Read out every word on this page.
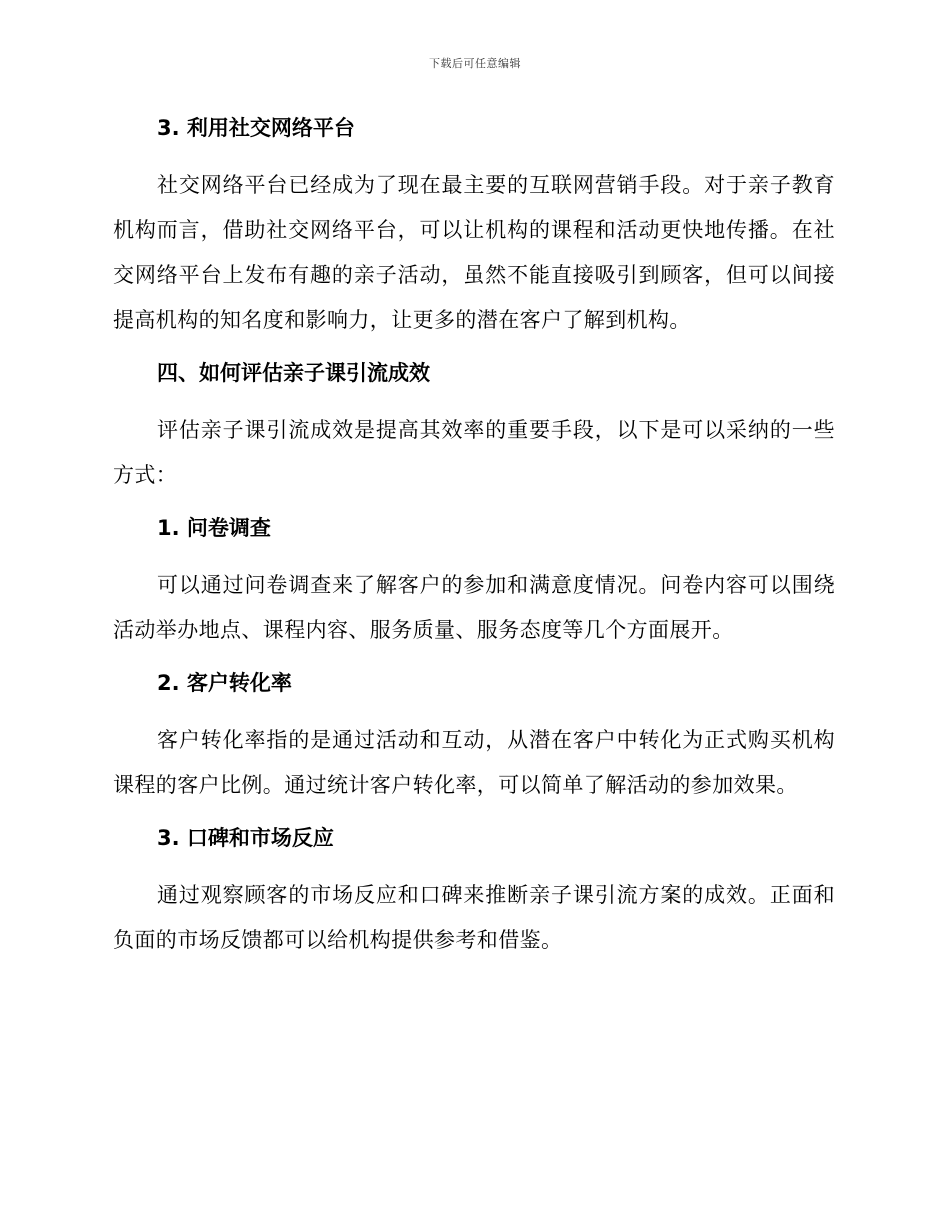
下载后可任意编辑
3. 利用社交网络平台

社交网络平台已经成为了现在最主要的互联网营销手段。对于亲子教育机构而言，借助社交网络平台，可以让机构的课程和活动更快地传播。在社交网络平台上发布有趣的亲子活动，虽然不能直接吸引到顾客，但可以间接提高机构的知名度和影响力，让更多的潜在客户了解到机构。

四、如何评估亲子课引流成效

评估亲子课引流成效是提高其效率的重要手段，以下是可以采纳的一些方式：

1. 问卷调查

可以通过问卷调查来了解客户的参加和满意度情况。问卷内容可以围绕活动举办地点、课程内容、服务质量、服务态度等几个方面展开。

2. 客户转化率

客户转化率指的是通过活动和互动，从潜在客户中转化为正式购买机构课程的客户比例。通过统计客户转化率，可以简单了解活动的参加效果。

3. 口碑和市场反应

通过观察顾客的市场反应和口碑来推断亲子课引流方案的成效。正面和负面的市场反馈都可以给机构提供参考和借鉴。
